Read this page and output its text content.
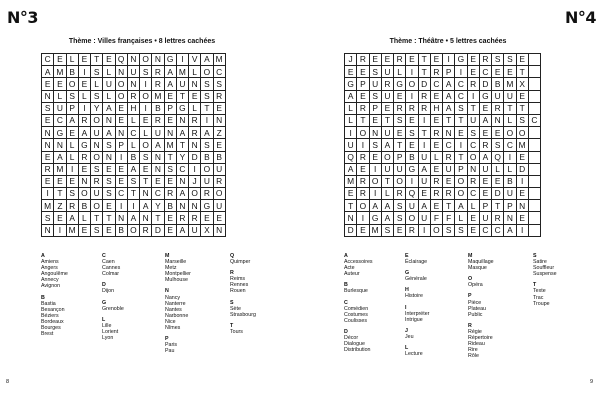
N°3
Thème : Villes françaises • 8 lettres cachées
C E L E T E Q N O N G I V A M
A M B I S L N U S R A M L O C
E E O E L U O N I R A U N S S
N L S L S L O R O M E T E S R
S U P I Y A E H I B P G L T E
E C A R O N E L E R E N R I N
N G E A U A N C L U N A R A Z
N N L G N S P L O A M T N S E
E A L R O N I B S N T Y D B B
R M I E S E E A E N S C I O U
E E E N R S E S T E E N J U R
I	T S O U S C T N C R A O R O
M Z R B O E I	I A Y B N N G U
S E A L T T N A N T E R R E E
N I M E S E B O R D E A U X N
A
Amiens
Angers
Angoulême
Annecy
Avignon
B
Bastia
Besançon
Béziers
Bordeaux
Bourges
Brest
C
Caen
Cannes
Colmar
D
Dijon
G
Grenoble
L
Lille
Lorient
Lyon
M
Marseille
Metz
Montpellier
Mulhouse
N
Nancy
Nanterre
Nantes
Narbonne
Nice
Nîmes
P
Paris
Pau
Q
Quimper
R
Reims
Rennes
Rouen
S
Sète
Strasbourg
T
Tours
8
N°4
Thème : Théâtre • 5 lettres cachées
J R E E R E T E I G E R S S E
E E S U L	I	T R P I E C E E T
G P U R G O D C A C R D B M X
A E S U E I R E A C I G U U E
L R P E R R R H A S T E R T T
L T E T S E I E T T U A N L S C
I O N U E S T R N E S E E O O
U I S A T E I E C I C R S C M
Q R E O P B U L R T O A Q I E
A E I U U G A E U P N U L L D
M R O T O I U R E O R E E B I
E R I	L R Q E R R O C E D U E
T O A A S U A E T A L P T P N
N I G A S O U F F L E U R N E
D E M S E R I O S S E C C A I
A
Accessoires
Acte
Auteur
B
Burlesque
C
Comédien
Costumes
Coulisses
D
Décor
Dialogue
Distribution
E
Éclairage
G
Générale
H
Histoire
I
Interpréter
Intrigue
J
Jeu
L
Lecture
M
Maquillage
Masque
O
Opéra
P
Pièce
Plateau
Public
R
Régie
Répertoire
Rideau
Rire
Rôle
S
Satire
Souffleur
Suspense
T
Texte
Trac
Troupe
9
